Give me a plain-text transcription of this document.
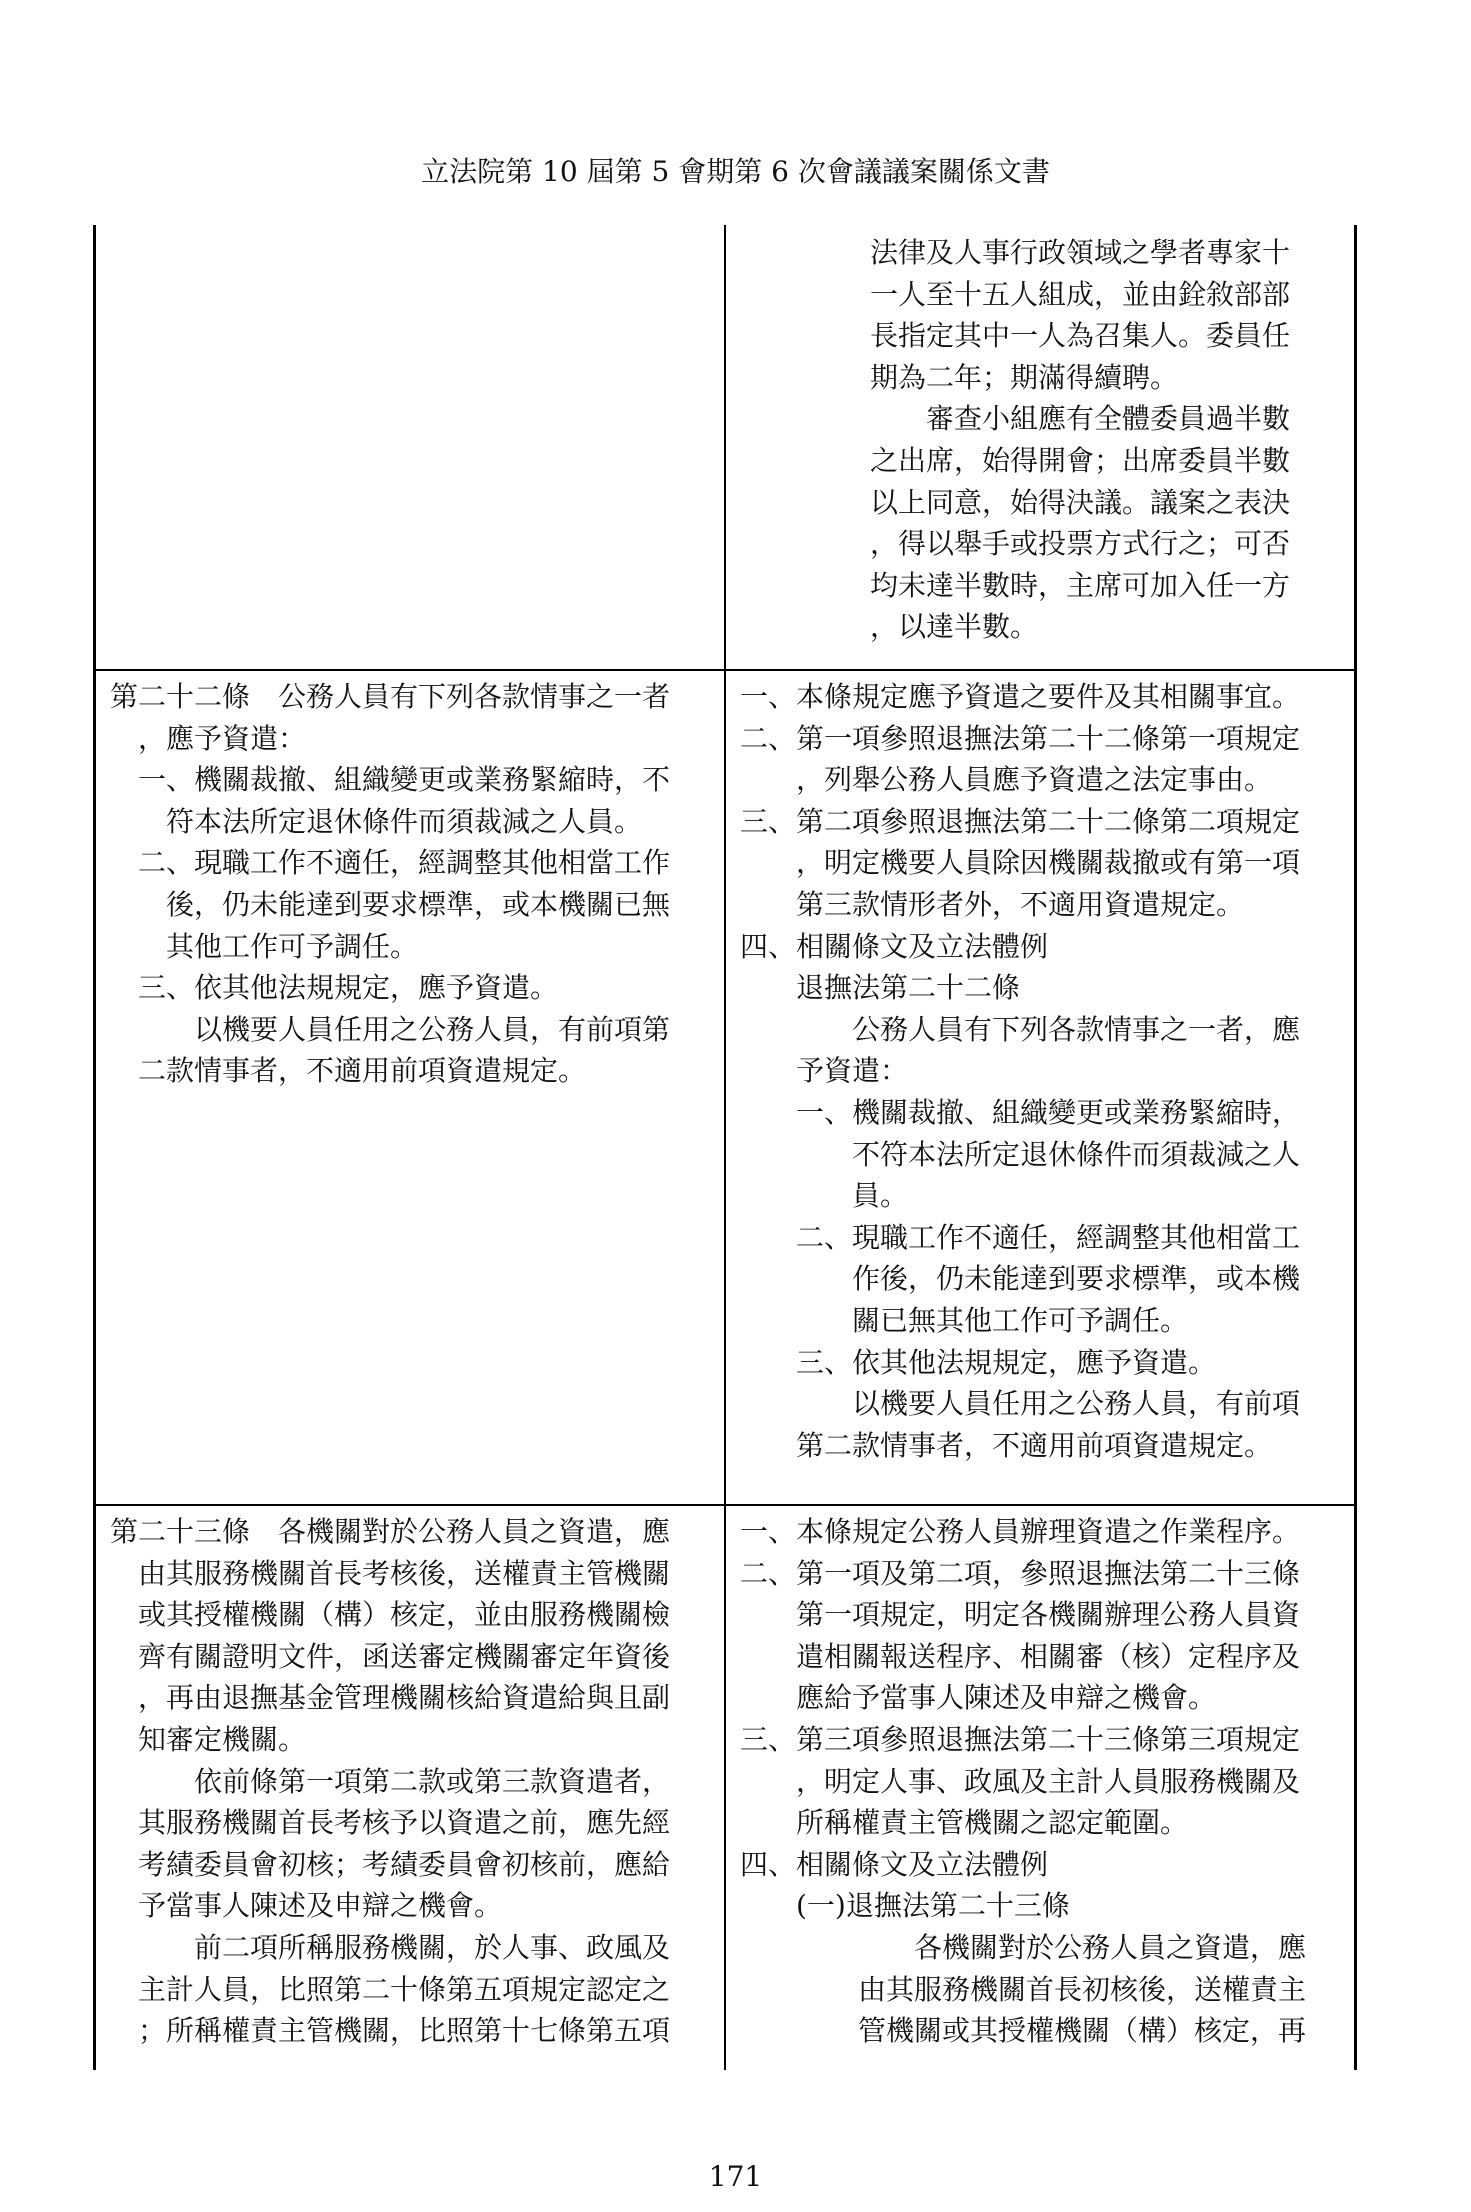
立法院第 10 屆第 5 會期第 6 次會議議案關係文書
法律及人事行政領域之學者專家十
一人至十五人組成，並由銓敘部部
長指定其中一人為召集人。委員任
期為二年；期滿得續聘。
審查小組應有全體委員過半數
之出席，始得開會；出席委員半數
以上同意，始得決議。議案之表決
，得以舉手或投票方式行之；可否
均未達半數時，主席可加入任一方
，以達半數。
第二十二條　公務人員有下列各款情事之一者
，應予資遣：
一、機關裁撤、組織變更或業務緊縮時，不
符本法所定退休條件而須裁減之人員。
二、現職工作不適任，經調整其他相當工作
後，仍未能達到要求標準，或本機關已無
其他工作可予調任。
三、依其他法規規定，應予資遣。
以機要人員任用之公務人員，有前項第
二款情事者，不適用前項資遣規定。
一、本條規定應予資遣之要件及其相關事宜。
二、第一項參照退撫法第二十二條第一項規定
，列舉公務人員應予資遣之法定事由。
三、第二項參照退撫法第二十二條第二項規定
，明定機要人員除因機關裁撤或有第一項
第三款情形者外，不適用資遣規定。
四、相關條文及立法體例
退撫法第二十二條
公務人員有下列各款情事之一者，應
予資遣：
一、機關裁撤、組織變更或業務緊縮時，
不符本法所定退休條件而須裁減之人
員。
二、現職工作不適任，經調整其他相當工
作後，仍未能達到要求標準，或本機
關已無其他工作可予調任。
三、依其他法規規定，應予資遣。
以機要人員任用之公務人員，有前項
第二款情事者，不適用前項資遣規定。
第二十三條　各機關對於公務人員之資遣，應
由其服務機關首長考核後，送權責主管機關
或其授權機關（構）核定，並由服務機關檢
齊有關證明文件，函送審定機關審定年資後
，再由退撫基金管理機關核給資遣給與且副
知審定機關。
依前條第一項第二款或第三款資遣者，
其服務機關首長考核予以資遣之前，應先經
考績委員會初核；考績委員會初核前，應給
予當事人陳述及申辯之機會。
前二項所稱服務機關，於人事、政風及
主計人員，比照第二十條第五項規定認定之
；所稱權責主管機關，比照第十七條第五項
一、本條規定公務人員辦理資遣之作業程序。
二、第一項及第二項，參照退撫法第二十三條
第一項規定，明定各機關辦理公務人員資
遣相關報送程序、相關審（核）定程序及
應給予當事人陳述及申辯之機會。
三、第三項參照退撫法第二十三條第三項規定
，明定人事、政風及主計人員服務機關及
所稱權責主管機關之認定範圍。
四、相關條文及立法體例
(一)退撫法第二十三條
各機關對於公務人員之資遣，應
由其服務機關首長初核後，送權責主
管機關或其授權機關（構）核定，再
171
